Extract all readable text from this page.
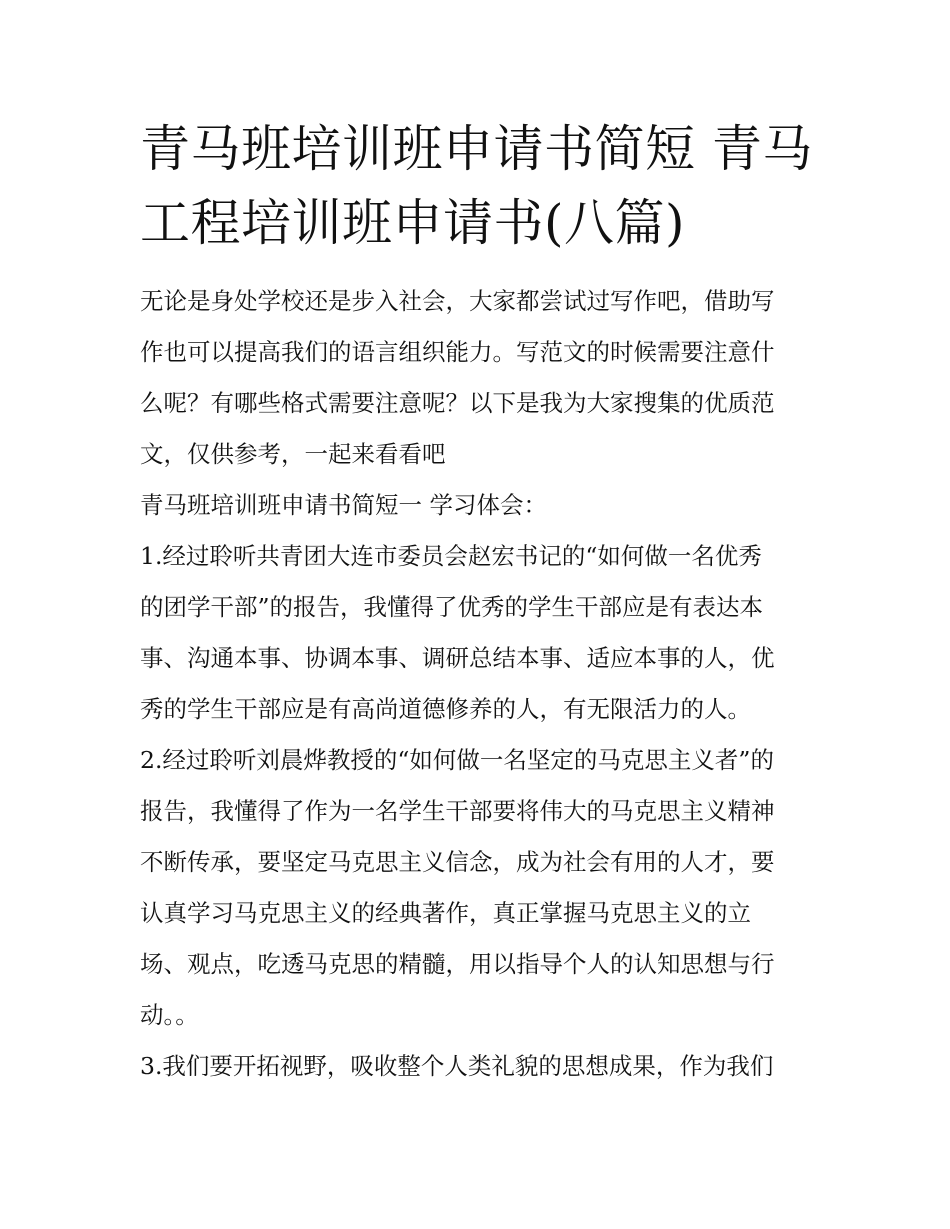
青马班培训班申请书简短 青马
工程培训班申请书(八篇)

无论是身处学校还是步入社会，大家都尝试过写作吧，借助写
作也可以提高我们的语言组织能力。写范文的时候需要注意什
么呢？有哪些格式需要注意呢？以下是我为大家搜集的优质范
文，仅供参考，一起来看看吧

青马班培训班申请书简短一 学习体会：

1.经过聆听共青团大连市委员会赵宏书记的“如何做一名优秀
的团学干部”的报告，我懂得了优秀的学生干部应是有表达本
事、沟通本事、协调本事、调研总结本事、适应本事的人，优
秀的学生干部应是有高尚道德修养的人，有无限活力的人。

2.经过聆听刘晨烨教授的“如何做一名坚定的马克思主义者”的
报告，我懂得了作为一名学生干部要将伟大的马克思主义精神
不断传承，要坚定马克思主义信念，成为社会有用的人才，要
认真学习马克思主义的经典著作，真正掌握马克思主义的立
场、观点，吃透马克思的精髓，用以指导个人的认知思想与行
动。。

3.我们要开拓视野，吸收整个人类礼貌的思想成果，作为我们
